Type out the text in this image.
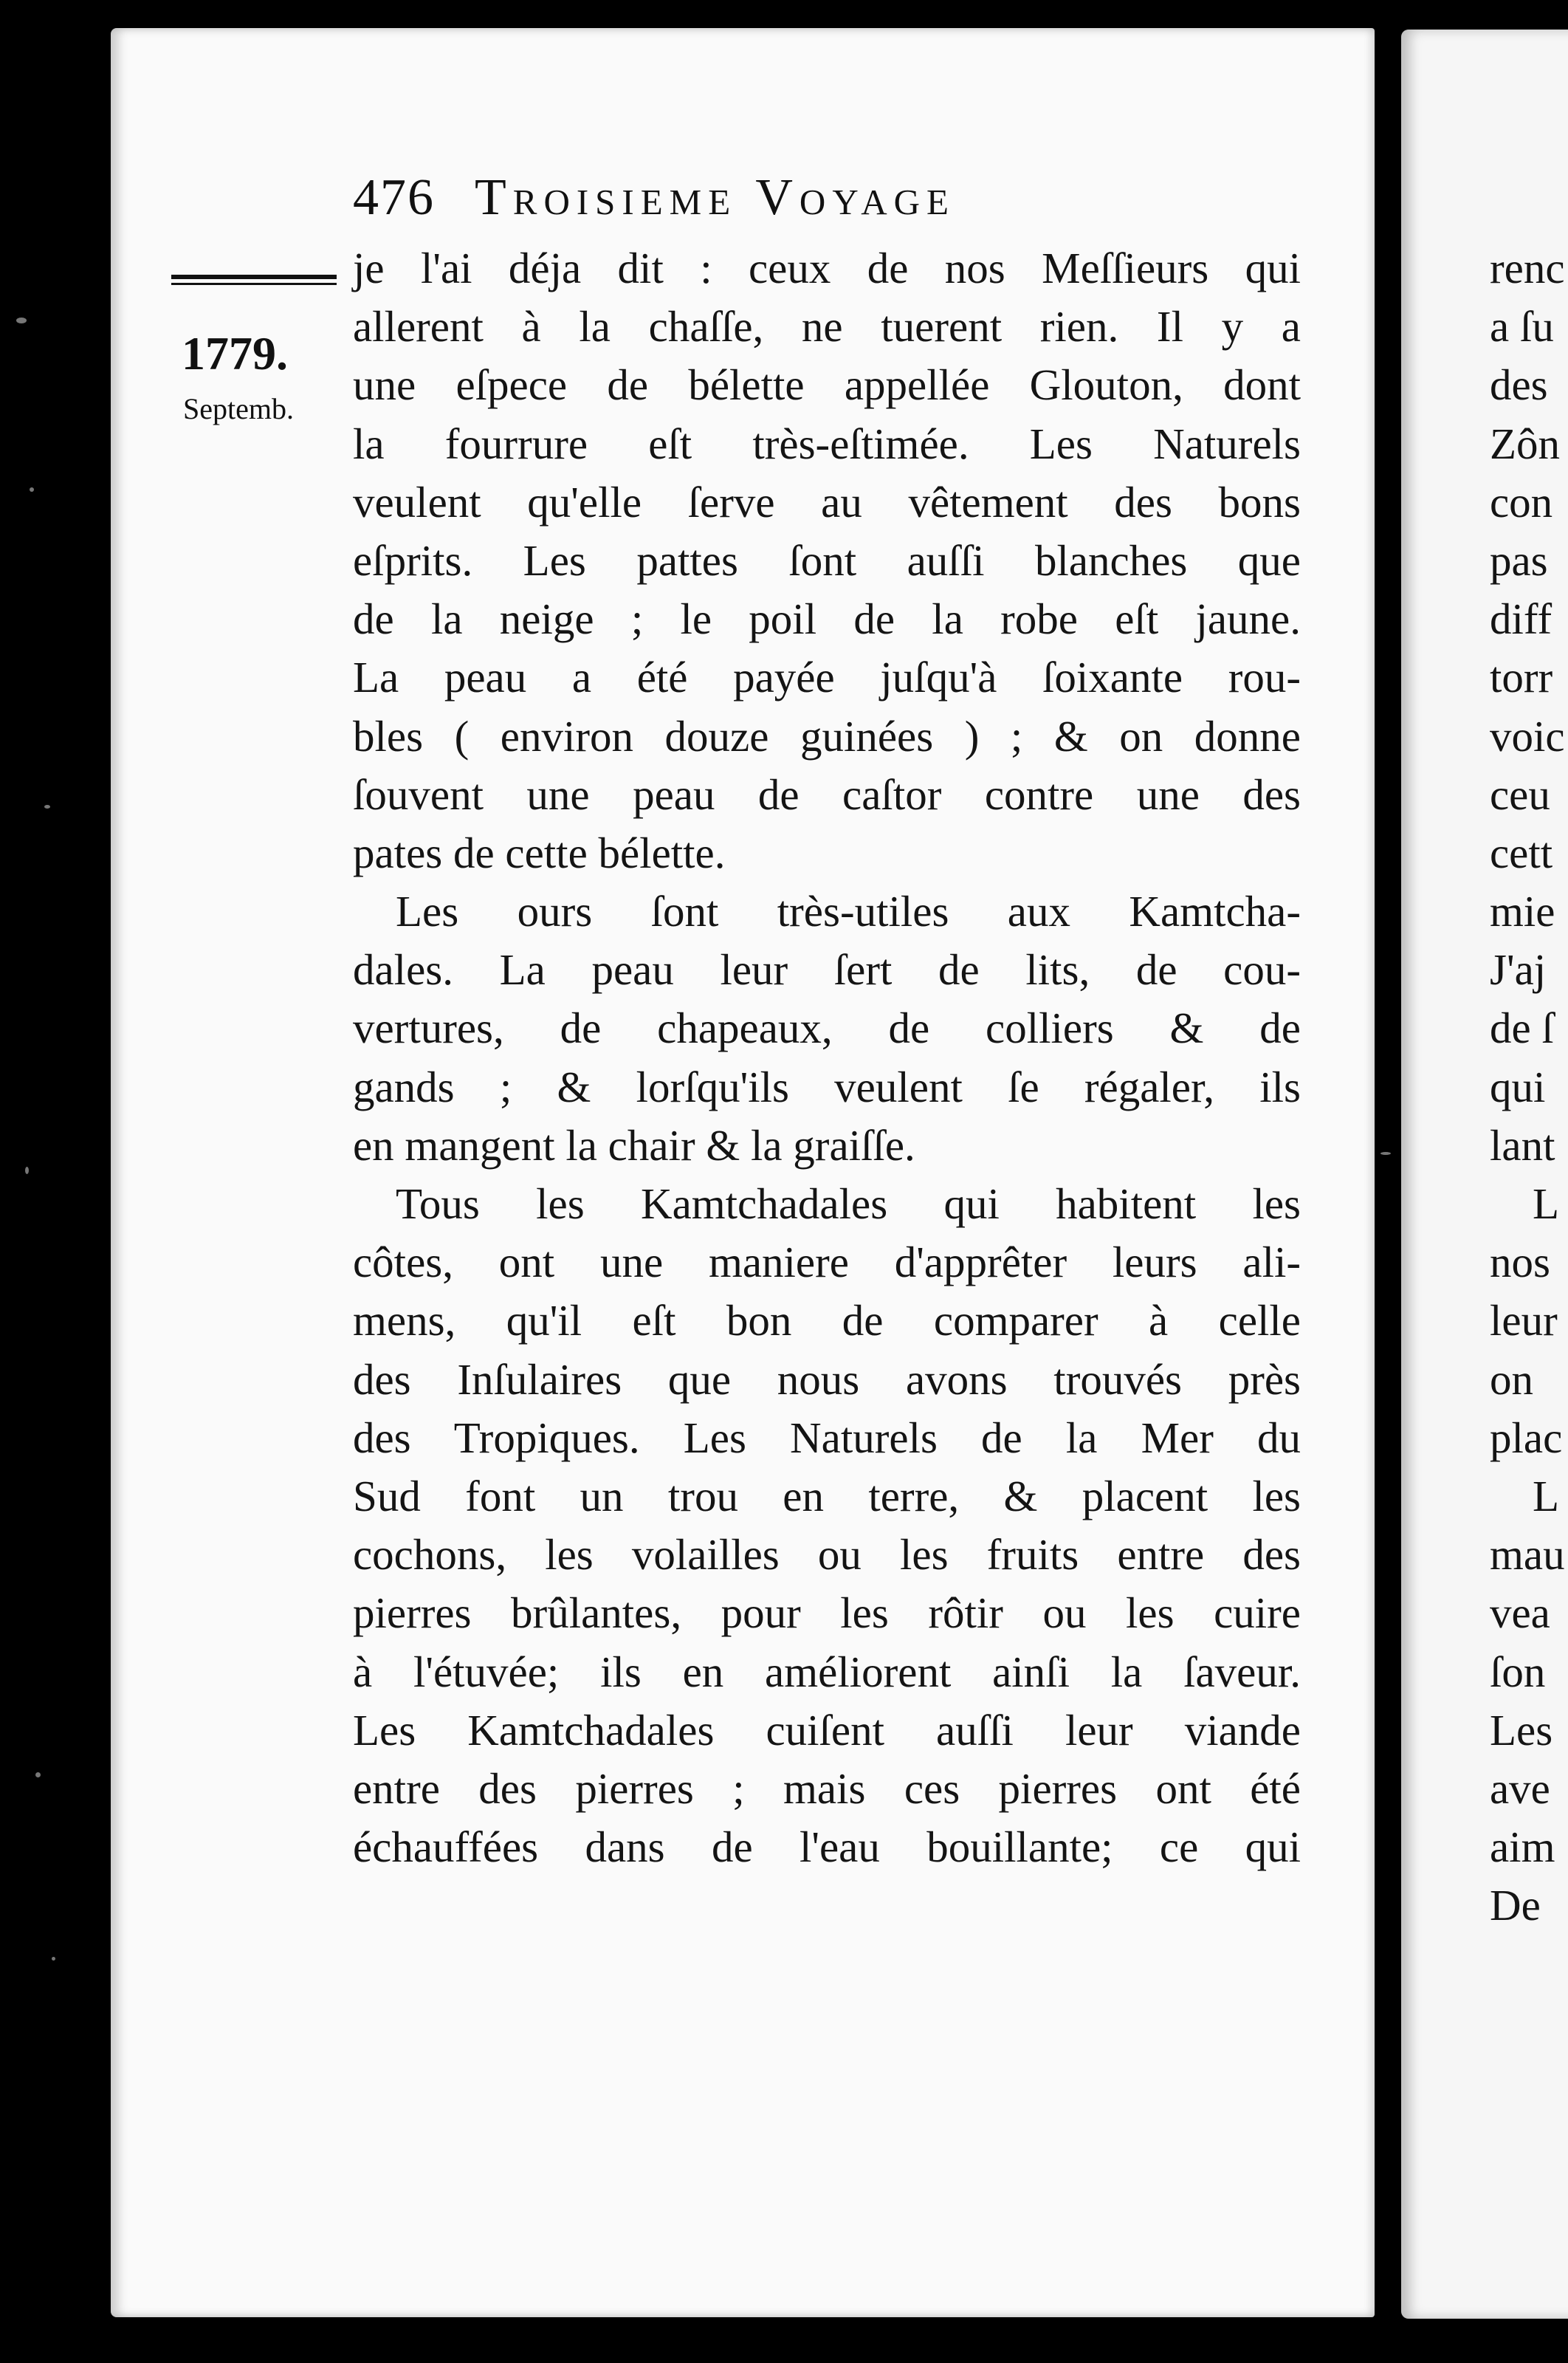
476 Troisieme Voyage
1779.
Septemb.
je l'ai déja dit : ceux de nos Meſſieurs qui
allerent à la chaſſe, ne tuerent rien. Il y a
une eſpece de bélette appellée Glouton, dont
la fourrure eſt très-eſtimée. Les Naturels
veulent qu'elle ſerve au vêtement des bons
eſprits. Les pattes ſont auſſi blanches que
de la neige ; le poil de la robe eſt jaune.
La peau a été payée juſqu'à ſoixante rou-
bles ( environ douze guinées ) ; & on donne
ſouvent une peau de caſtor contre une des
pates de cette bélette.
Les ours ſont très-utiles aux Kamtcha-
dales. La peau leur ſert de lits, de cou-
vertures, de chapeaux, de colliers & de
gands ; & lorſqu'ils veulent ſe régaler, ils
en mangent la chair & la graiſſe.
Tous les Kamtchadales qui habitent les
côtes, ont une maniere d'apprêter leurs ali-
mens, qu'il eſt bon de comparer à celle
des Inſulaires que nous avons trouvés près
des Tropiques. Les Naturels de la Mer du
Sud font un trou en terre, & placent les
cochons, les volailles ou les fruits entre des
pierres brûlantes, pour les rôtir ou les cuire
à l'étuvée; ils en améliorent ainſi la ſaveur.
Les Kamtchadales cuiſent auſſi leur viande
entre des pierres ; mais ces pierres ont été
échauffées dans de l'eau bouillante; ce qui
renc
a ſu
des
Zôn
con
pas
diff
torr
voic
ceu
cett
mie
J'aj
de ſ
qui
lant
L
nos
leur
on
plac
L
mau
vea
ſon
Les
ave
aim
De
